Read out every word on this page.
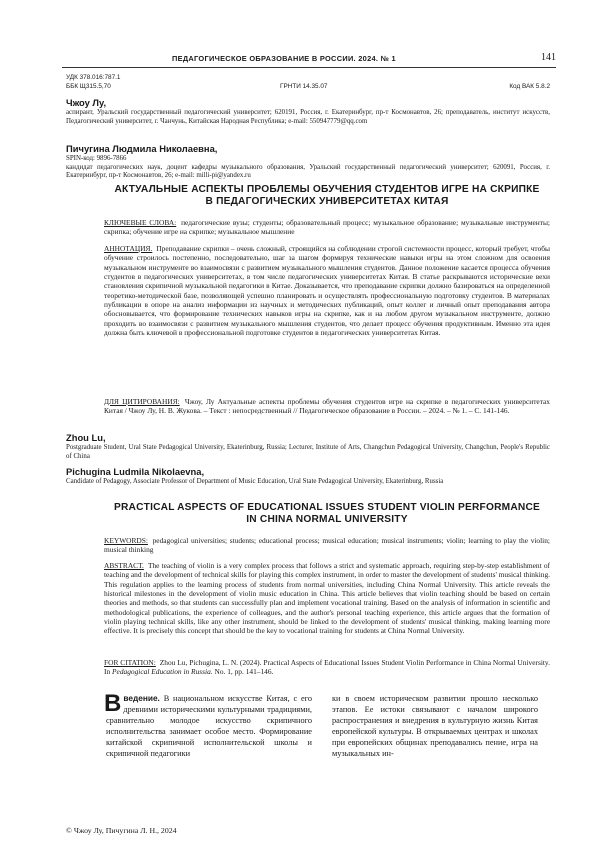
ПЕДАГОГИЧЕСКОЕ ОБРАЗОВАНИЕ В РОССИИ. 2024. № 1	141
УДК 378.016:787.1
ББК Щ315.5,70	ГРНТИ 14.35.07	Код ВАК 5.8.2
Чжоу Лу,
аспирант, Уральский государственный педагогический университет; 620191, Россия, г. Екатеринбург, пр-т Космонавтов, 26; преподаватель, институт искусств, Педагогический университет, г. Чанчунь, Китайская Народная Республика; e-mail: 550947779@qq.com
Пичугина Людмила Николаевна,
SPIN-код: 9896-7866
кандидат педагогических наук, доцент кафедры музыкального образования, Уральский государственный педагогический университет; 620091, Россия, г. Екатеринбург, пр-т Космонавтов, 26; e-mail: milli-pi@yandex.ru
АКТУАЛЬНЫЕ АСПЕКТЫ ПРОБЛЕМЫ ОБУЧЕНИЯ СТУДЕНТОВ ИГРЕ НА СКРИПКЕ В ПЕДАГОГИЧЕСКИХ УНИВЕРСИТЕТАХ КИТАЯ
КЛЮЧЕВЫЕ СЛОВА: педагогические вузы; студенты; образовательный процесс; музыкальное образование; музыкальные инструменты; скрипка; обучение игре на скрипке; музыкальное мышление
АННОТАЦИЯ. Преподавание скрипки – очень сложный, строящийся на соблюдении строгой системности процесс, который требует, чтобы обучение строилось постепенно, последовательно, шаг за шагом формируя технические навыки игры на этом сложном для освоения музыкальном инструменте во взаимосвязи с развитием музыкального мышления студентов. Данное положение касается процесса обучения студентов в педагогических университетах, в том числе педагогических университетах Китая. В статье раскрываются исторические вехи становления скрипичной музыкальной педагогики в Китае. Доказывается, что преподавание скрипки должно базироваться на определенной теоретико-методической базе, позволяющей успешно планировать и осуществлять профессиональную подготовку студентов. В материалах публикации в опоре на анализ информации из научных и методических публикаций, опыт коллег и личный опыт преподавания автора обосновывается, что формирование технических навыков игры на скрипке, как и на любом другом музыкальном инструменте, должно проходить во взаимосвязи с развитием музыкального мышления студентов, что делает процесс обучения продуктивным. Именно эта идея должна быть ключевой в профессиональной подготовке студентов в педагогических университетах Китая.
ДЛЯ ЦИТИРОВАНИЯ: Чжоу, Лу Актуальные аспекты проблемы обучения студентов игре на скрипке в педагогических университетах Китая / Чжоу Лу, Н. В. Жукова. – Текст : непосредственный // Педагогическое образование в России. – 2024. – № 1. – С. 141-146.
Zhou Lu,
Postgraduate Student, Ural State Pedagogical University, Ekaterinburg, Russia; Lecturer, Institute of Arts, Changchun Pedagogical University, Changchun, People's Republic of China
Pichugina Ludmila Nikolaevna,
Candidate of Pedagogy, Associate Professor of Department of Music Education, Ural State Pedagogical University, Ekaterinburg, Russia
PRACTICAL ASPECTS OF EDUCATIONAL ISSUES STUDENT VIOLIN PERFORMANCE IN CHINA NORMAL UNIVERSITY
KEYWORDS: pedagogical universities; students; educational process; musical education; musical instruments; violin; learning to play the violin; musical thinking
ABSTRACT. The teaching of violin is a very complex process that follows a strict and systematic approach, requiring step-by-step establishment of teaching and the development of technical skills for playing this complex instrument, in order to master the development of students' musical thinking. This regulation applies to the learning process of students from normal universities, including China Normal University. This article reveals the historical milestones in the development of violin music education in China. This article believes that violin teaching should be based on certain theories and methods, so that students can successfully plan and implement vocational training. Based on the analysis of information in scientific and methodological publications, the experience of colleagues, and the author's personal teaching experience, this article argues that the formation of violin playing technical skills, like any other instrument, should be linked to the development of students' musical thinking, making learning more effective. It is precisely this concept that should be the key to vocational training for students at China Normal University.
FOR CITATION: Zhou Lu, Pichugina, L. N. (2024). Practical Aspects of Educational Issues Student Violin Performance in China Normal University. In Pedagogical Education in Russia. No. 1, pp. 141–146.
Введение. В национальном искусстве Китая, с его древними историческими культурными традициями, сравнительно молодое искусство скрипичного исполнительства занимает особое место. Формирование китайской скрипичной исполнительской школы и скрипичной педагогики
ки в своем историческом развитии прошло несколько этапов. Ее истоки связывают с началом широкого распространения и внедрения в культурную жизнь Китая европейской культуры. В открываемых центрах и школах при европейских общинах преподавались пение, игра на музыкальных ин-
© Чжоу Лу, Пичугина Л. Н., 2024
